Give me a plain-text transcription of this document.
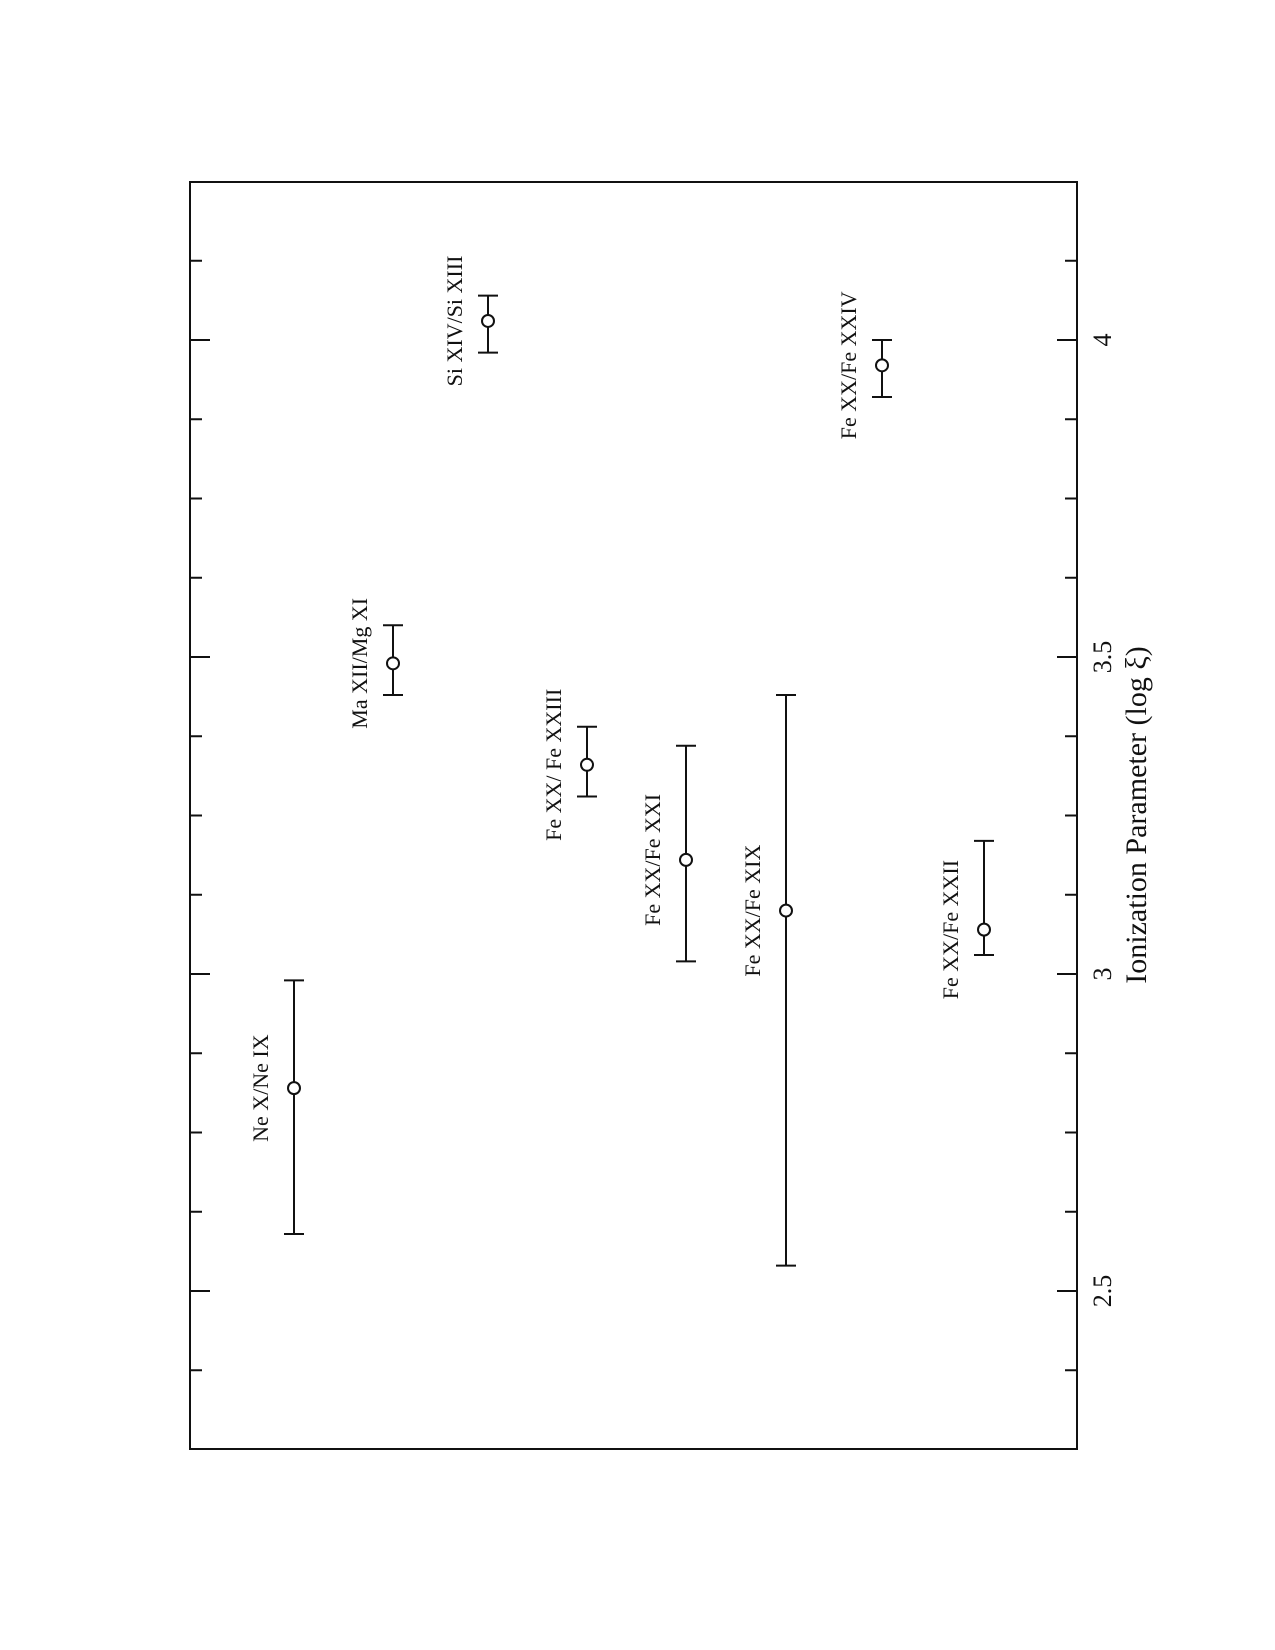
2.5
3
3.5
4
Ne X/Ne IX
Ma XII/Mg XI
Si XIV/Si XIII
Fe XX/ Fe XXIII
Fe XX/Fe XXI	Fe XX/Fe XIX
Fe XX/Fe XXIV
Fe XX/Fe XXII	Ionization Parameter (log ξ)
